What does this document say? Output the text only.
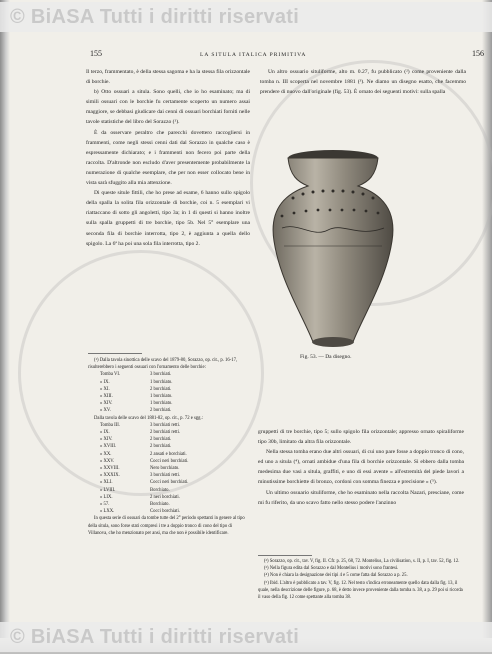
155	LA SITULA ITALICA PRIMITIVA	156

Il terzo, frammentato, è della stessa sagoma e ha la stessa fila orizzontale di borchie.

b) Otto ossuari a situla. Sono quelli, che io ho esaminato; ma di simili ossuari con le borchie fu certamente scoperto un numero assai maggiore, se debbasi giudicare dai cenni di ossuari borchiati forniti nelle tavole statistiche del libro del Sorazzo (¹).

È da osservare peraltro che parecchi dovettero raccogliersi in frammenti, come negli stessi cenni dati dal Sorazzo in qualche caso è espressamente dichiarato; e i frammenti non fecero poi parte della raccolta. D'altronde non escludo d'aver presentemente probabilmente la numerazione di qualche esemplare, che per non esser collocato bene in vista sarà sfuggito alla mia attenzione.

Di queste situle fittili, che ho prese ad esame, 6 hanno sullo spigolo della spalla la solita fila orizzontale di borchie, coi n. 5 esemplari vi riattaccano di sotto gli angoletti, tipo 3a; in 1 di questi si hanno inoltre sulla spalla gruppetti di tre borchie, tipo 5b. Nel 5° esemplare una seconda fila di borchie interrotta, tipo 2, è aggiunta a quella dello spigolo. La 6ª ha poi una sola fila interrotta, tipo 2.

Un altro ossuario situliforme, alto m. 0.27, fu pubblicato (²) come proveniente dalla tomba n. III scoperta nel novembre 1881 (³). Ne diamo un disegno esatto, che facemmo prendere di nuovo dall'originale (fig. 53). È ornato dei seguenti motivi: sulla spalla

Fig. 53. — Da disegno.

(¹) Dalla tavola sinottica delle scavo del 1879-80, Sorazzo, op. cit., p. 16-17, risulterebbero i seguenti ossuari con l'ornamento delle borchie:

Tomba VI.	3 borchiati.
» IX.	1 borchiato.
» XI.	2 borchiati.
» XIII.	1 borchiato.
» XIV.	1 borchiato.
» XV.	2 borchiati.

Dalla tavola delle scavo del 1881-82, op. cit., p. 72 e sgg.:

Tomba III.	3 borchiati retti.
» IX.	2 borchiati retti.
» XIV.	2 borchiati.
» XVIII.	2 borchiati.
» XX.	2 ansati e borchiati.
» XXV.	Cocci neri borchiati.
» XXVIII.	Nero borchiato.
» XXXIX.	3 borchiati retti.
» XLI.	Cocci neri borchiati.
» LVIII.	Borchiato.
» LIX.	2 neri borchiati.
» 57.	Borchiato.
» LXX.	Cocci borchiati.

In questa serie di ossuari da tombe tutte del 2° periodo spettanti in genere al tipo della situla, sono forse stati compresi i tre a doppio tronco di cono del tipo di Villanova, che ho menzionato per ansi, ma che non è possibile identificare.

gruppetti di tre borchie, tipo 5; sullo spigolo fila orizzontale; appresso ornato spiraliforme tipo 30b, limitato da altra fila orizzontale.

Nella stessa tomba erano due altri ossuari, di cui uno pare fosse a doppio tronco di cono, ed uno a situla (⁴), ornati ambidue d'una fila di borchie orizzontale. Si ebbero dalla tomba medesima due vasi a situla, graffiti, e uno di essi avente « all'estremità del piede lavori a minutissime borchiette di bronzo, cordoni con somma finezza e precisione » (⁵).

Un ultimo ossuario situliforme, che ho esaminato nella raccolta Nazari, presciane, come mi fu riferito, da uno scavo fatto nello stesso podere l'anzinno

(²) Sorazzo, op. cit., tav. V, fig. II. Cfr. p. 25, 68, 72. Montelius, La civilisation, s. II, p. I, tav. 52, fig. 12.

(³) Nella figura edita dal Sorazzo e dal Montelius i motivi sono frantesi.

(⁴) Non è chiara la designazione dei tipi 4 e 5 come fatta dal Sorazzo a p. 25.

(⁵) Ibid. L'altro è pubblicato a tav. V, fig. 12. Nel testo s'indica erroneamente quello data dalla fig. 13, il quale, nella descrizione delle figure, p. 68, è detto invece proveniente dalla tomba n. 38, a p. 29 poi si ricorda il vaso della fig. 12 come spettante alla tomba 38.

© BiASA Tutti i diritti riservati
© BiASA Tutti i diritti riservati
